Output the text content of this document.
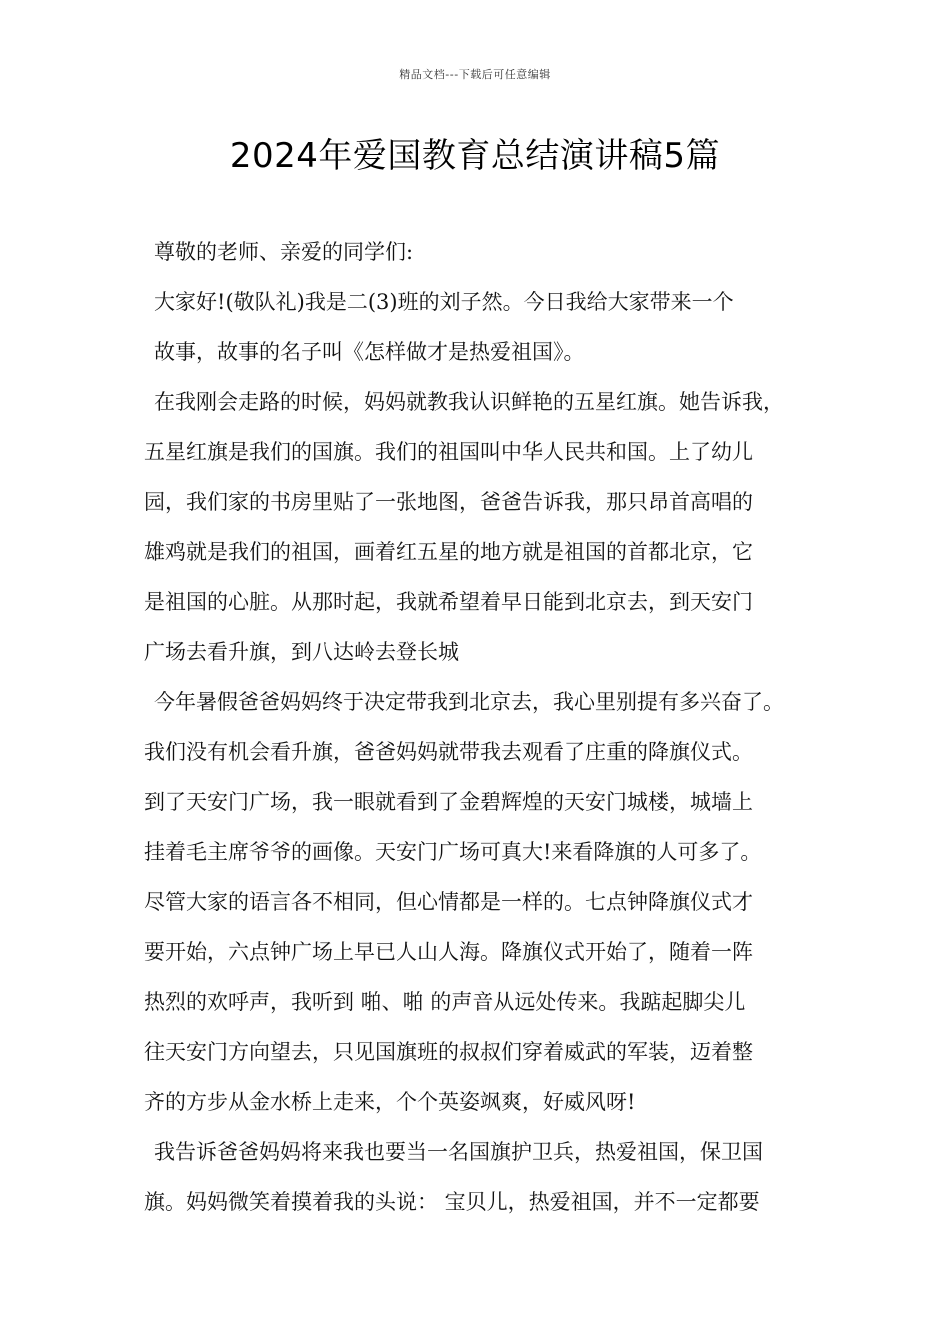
精品文档---下载后可任意编辑
2024年爱国教育总结演讲稿5篇
尊敬的老师、亲爱的同学们:
大家好!(敬队礼)我是二(3)班的刘子然。今日我给大家带来一个
故事，故事的名子叫《怎样做才是热爱祖国》。
在我刚会走路的时候，妈妈就教我认识鲜艳的五星红旗。她告诉我，
五星红旗是我们的国旗。我们的祖国叫中华人民共和国。上了幼儿
园，我们家的书房里贴了一张地图，爸爸告诉我，那只昂首高唱的
雄鸡就是我们的祖国，画着红五星的地方就是祖国的首都北京，它
是祖国的心脏。从那时起，我就希望着早日能到北京去，到天安门
广场去看升旗，到八达岭去登长城
今年暑假爸爸妈妈终于决定带我到北京去，我心里别提有多兴奋了。
我们没有机会看升旗，爸爸妈妈就带我去观看了庄重的降旗仪式。
到了天安门广场，我一眼就看到了金碧辉煌的天安门城楼，城墙上
挂着毛主席爷爷的画像。天安门广场可真大!来看降旗的人可多了。
尽管大家的语言各不相同，但心情都是一样的。七点钟降旗仪式才
要开始，六点钟广场上早已人山人海。降旗仪式开始了，随着一阵
热烈的欢呼声，我听到 啪、啪 的声音从远处传来。我踮起脚尖儿
往天安门方向望去，只见国旗班的叔叔们穿着威武的军装，迈着整
齐的方步从金水桥上走来，个个英姿飒爽，好威风呀!
我告诉爸爸妈妈将来我也要当一名国旗护卫兵，热爱祖国，保卫国
旗。妈妈微笑着摸着我的头说： 宝贝儿，热爱祖国，并不一定都要
